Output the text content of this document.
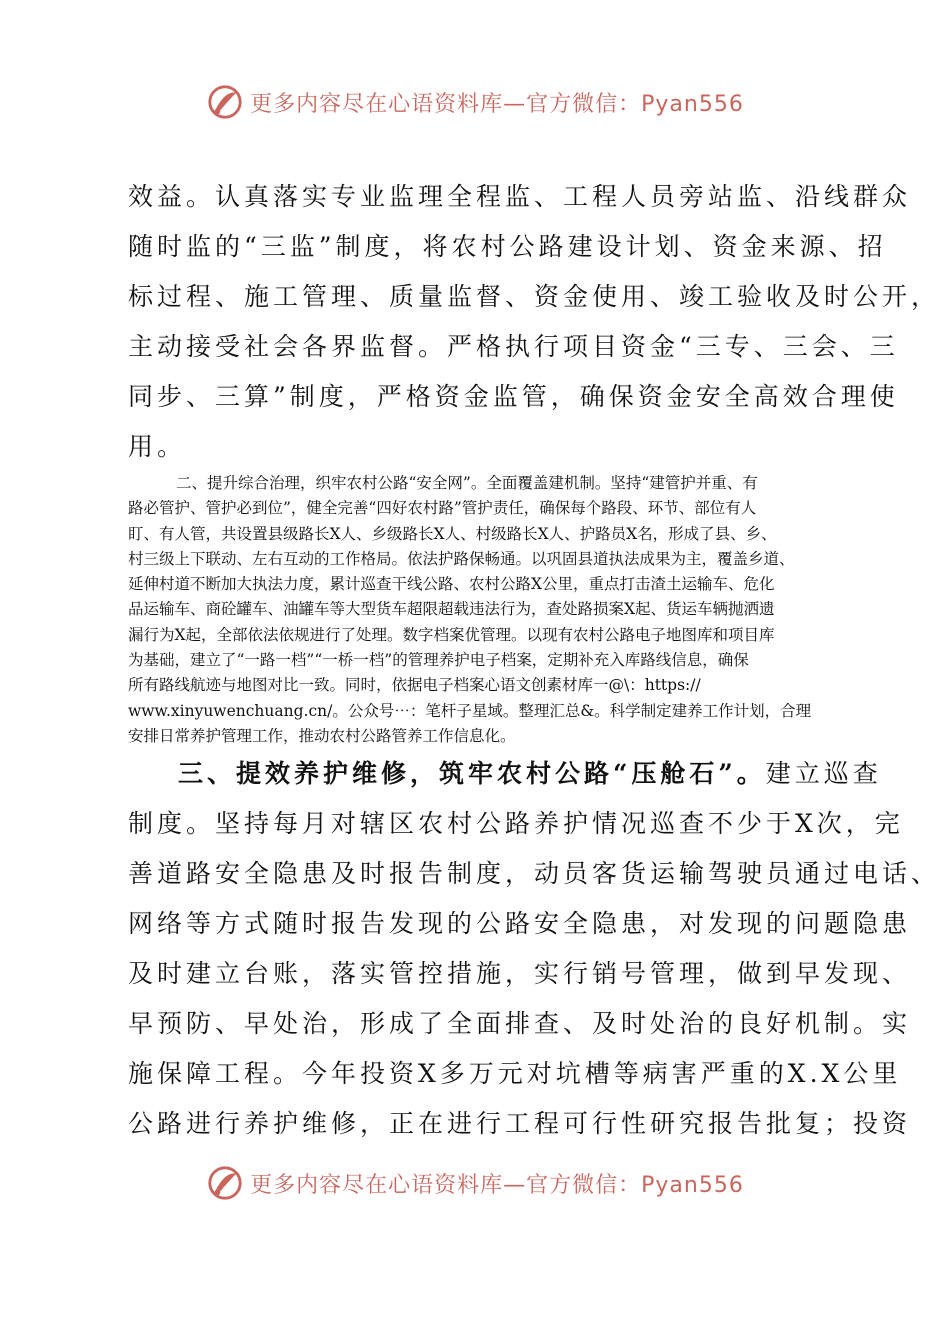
更多内容尽在心语资料库—官方微信：Pyan556
效益。认真落实专业监理全程监、工程人员旁站监、沿线群众
随时监的“三监”制度，将农村公路建设计划、资金来源、招
标过程、施工管理、质量监督、资金使用、竣工验收及时公开，
主动接受社会各界监督。严格执行项目资金“三专、三会、三
同步、三算”制度，严格资金监管，确保资金安全高效合理使
用。
二、提升综合治理，织牢农村公路“安全网”。全面覆盖建机制。坚持“建管护并重、有
路必管护、管护必到位”，健全完善“四好农村路”管护责任，确保每个路段、环节、部位有人
盯、有人管，共设置县级路长X人、乡级路长X人、村级路长X人、护路员X名，形成了县、乡、
村三级上下联动、左右互动的工作格局。依法护路保畅通。以巩固县道执法成果为主，覆盖乡道、
延伸村道不断加大执法力度，累计巡查干线公路、农村公路X公里，重点打击渣土运输车、危化
品运输车、商砼罐车、油罐车等大型货车超限超载违法行为，查处路损案X起、货运车辆抛洒遗
漏行为X起，全部依法依规进行了处理。数字档案优管理。以现有农村公路电子地图库和项目库
为基础，建立了“一路一档”“一桥一档”的管理养护电子档案，定期补充入库路线信息，确保
所有路线航迹与地图对比一致。同时，依据电子档案心语文创素材库一@\：https://
www.xinyuwenchuang.cn/。公众号⋯：笔杆子星域。整理汇总&。科学制定建养工作计划，合理
安排日常养护管理工作，推动农村公路管养工作信息化。
三、提效养护维修，筑牢农村公路“压舱石”。建立巡查
制度。坚持每月对辖区农村公路养护情况巡查不少于X次，完
善道路安全隐患及时报告制度，动员客货运输驾驶员通过电话、
网络等方式随时报告发现的公路安全隐患，对发现的问题隐患
及时建立台账，落实管控措施，实行销号管理，做到早发现、
早预防、早处治，形成了全面排查、及时处治的良好机制。实
施保障工程。今年投资X多万元对坑槽等病害严重的X.X公里
公路进行养护维修，正在进行工程可行性研究报告批复；投资
更多内容尽在心语资料库—官方微信：Pyan556
